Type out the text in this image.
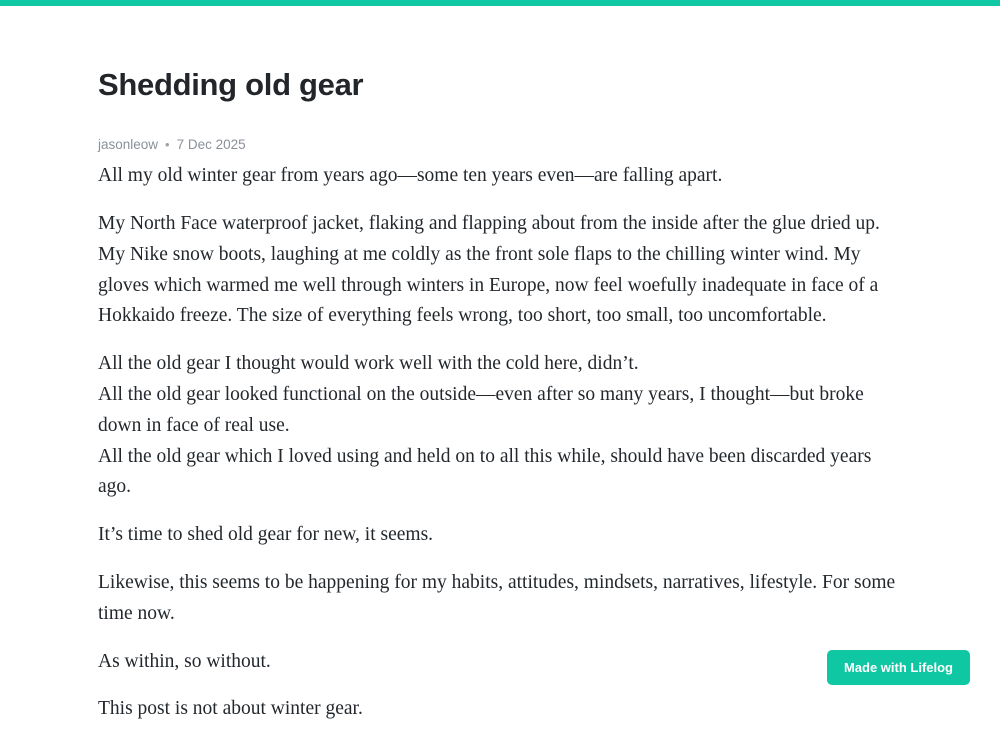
Shedding old gear
jasonleow • 7 Dec 2025

All my old winter gear from years ago—some ten years even—are falling apart.

My North Face waterproof jacket, flaking and flapping about from the inside after the glue dried up. My Nike snow boots, laughing at me coldly as the front sole flaps to the chilling winter wind. My gloves which warmed me well through winters in Europe, now feel woefully inadequate in face of a Hokkaido freeze. The size of everything feels wrong, too short, too small, too uncomfortable.

All the old gear I thought would work well with the cold here, didn’t.

All the old gear looked functional on the outside—even after so many years, I thought—but broke down in face of real use.

All the old gear which I loved using and held on to all this while, should have been discarded years ago.

It’s time to shed old gear for new, it seems.

Likewise, this seems to be happening for my habits, attitudes, mindsets, narratives, lifestyle. For some time now.

As within, so without.

This post is not about winter gear.

Made with Lifelog
